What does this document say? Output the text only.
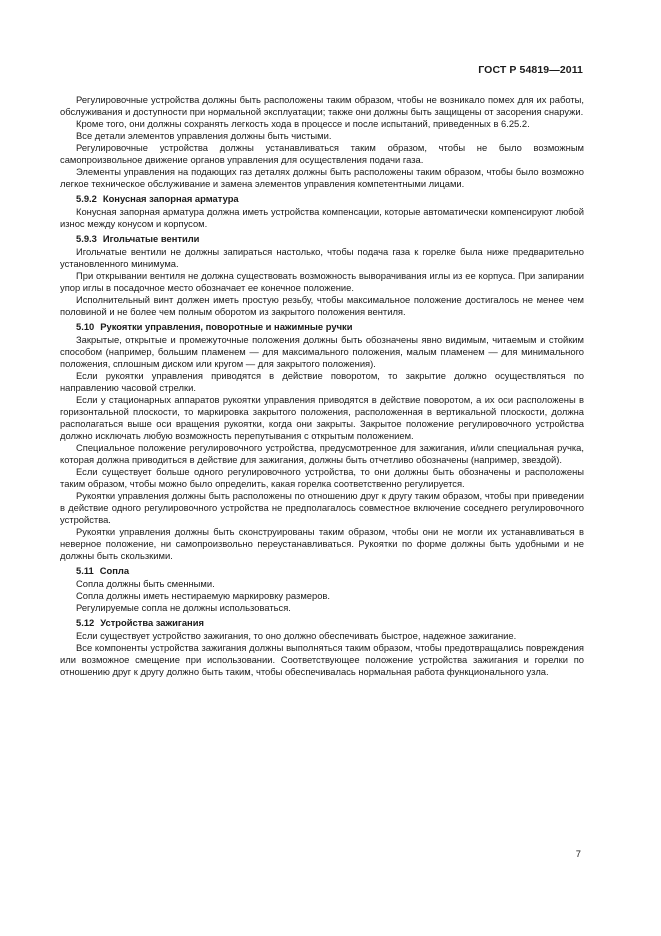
ГОСТ Р 54819—2011

Регулировочные устройства должны быть расположены таким образом, чтобы не возникало помех для их работы, обслуживания и доступности при нормальной эксплуатации; также они должны быть защищены от засорения снаружи.

Кроме того, они должны сохранять легкость хода в процессе и после испытаний, приведенных в 6.25.2.

Все детали элементов управления должны быть чистыми.

Регулировочные устройства должны устанавливаться таким образом, чтобы не было возможным самопроизвольное движение органов управления для осуществления подачи газа.

Элементы управления на подающих газ деталях должны быть расположены таким образом, чтобы было возможно легкое техническое обслуживание и замена элементов управления компетентными лицами.

5.9.2 Конусная запорная арматура

Конусная запорная арматура должна иметь устройства компенсации, которые автоматически компенсируют любой износ между конусом и корпусом.

5.9.3 Игольчатые вентили

Игольчатые вентили не должны запираться настолько, чтобы подача газа к горелке была ниже предварительно установленного минимума.

При открывании вентиля не должна существовать возможность выворачивания иглы из ее корпуса. При запирании упор иглы в посадочное место обозначает ее конечное положение.

Исполнительный винт должен иметь простую резьбу, чтобы максимальное положение достигалось не менее чем половиной и не более чем полным оборотом из закрытого положения вентиля.

5.10 Рукоятки управления, поворотные и нажимные ручки

Закрытые, открытые и промежуточные положения должны быть обозначены явно видимым, читаемым и стойким способом (например, большим пламенем — для максимального положения, малым пламенем — для минимального положения, сплошным диском или кругом — для закрытого положения).

Если рукоятки управления приводятся в действие поворотом, то закрытие должно осуществляться по направлению часовой стрелки.

Если у стационарных аппаратов рукоятки управления приводятся в действие поворотом, а их оси расположены в горизонтальной плоскости, то маркировка закрытого положения, расположенная в вертикальной плоскости, должна располагаться выше оси вращения рукоятки, когда они закрыты. Закрытое положение регулировочного устройства должно исключать любую возможность перепутывания с открытым положением.

Специальное положение регулировочного устройства, предусмотренное для зажигания, и/или специальная ручка, которая должна приводиться в действие для зажигания, должны быть отчетливо обозначены (например, звездой).

Если существует больше одного регулировочного устройства, то они должны быть обозначены и расположены таким образом, чтобы можно было определить, какая горелка соответственно регулируется.

Рукоятки управления должны быть расположены по отношению друг к другу таким образом, чтобы при приведении в действие одного регулировочного устройства не предполагалось совместное включение соседнего регулировочного устройства.

Рукоятки управления должны быть сконструированы таким образом, чтобы они не могли их устанавливаться в неверное положение, ни самопроизвольно переустанавливаться. Рукоятки по форме должны быть удобными и не должны быть скользкими.

5.11 Сопла

Сопла должны быть сменными.

Сопла должны иметь нестираемую маркировку размеров.

Регулируемые сопла не должны использоваться.

5.12 Устройства зажигания

Если существует устройство зажигания, то оно должно обеспечивать быстрое, надежное зажигание.

Все компоненты устройства зажигания должны выполняться таким образом, чтобы предотвращались повреждения или возможное смещение при использовании. Соответствующее положение устройства зажигания и горелки по отношению друг к другу должно быть таким, чтобы обеспечивалась нормальная работа функционального узла.

7
